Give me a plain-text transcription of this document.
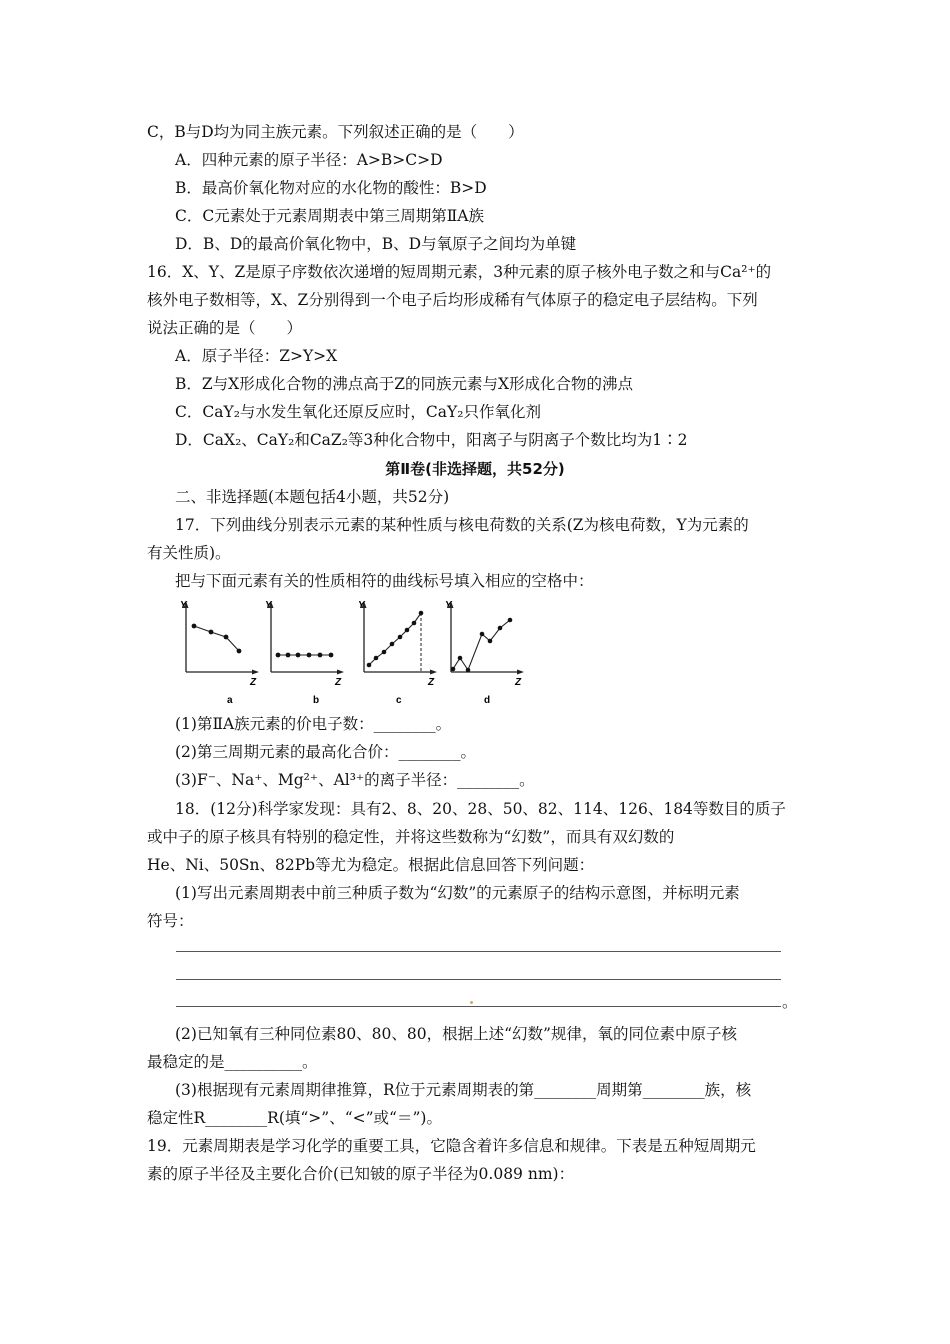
C，B与D均为同主族元素。下列叙述正确的是（　　）
A．四种元素的原子半径：A>B>C>D
B．最高价氧化物对应的水化物的酸性：B>D
C．C元素处于元素周期表中第三周期第ⅡA族
D．B、D的最高价氧化物中，B、D与氧原子之间均为单键
16．X、Y、Z是原子序数依次递增的短周期元素，3种元素的原子核外电子数之和与Ca²⁺的
核外电子数相等，X、Z分别得到一个电子后均形成稀有气体原子的稳定电子层结构。下列
说法正确的是（　　）
A．原子半径：Z>Y>X
B．Z与X形成化合物的沸点高于Z的同族元素与X形成化合物的沸点
C．CaY₂与水发生氧化还原反应时，CaY₂只作氧化剂
D．CaX₂、CaY₂和CaZ₂等3种化合物中，阳离子与阴离子个数比均为1∶2
第Ⅱ卷(非选择题，共52分)
二、非选择题(本题包括4小题，共52分)
17．下列曲线分别表示元素的某种性质与核电荷数的关系(Z为核电荷数，Y为元素的
有关性质)。
把与下面元素有关的性质相符的曲线标号填入相应的空格中：
Y
Z
a
Y
Z
b
Y
Z
c
Y
Z
d
(1)第ⅡA族元素的价电子数：________。
(2)第三周期元素的最高化合价：________。
(3)F⁻、Na⁺、Mg²⁺、Al³⁺的离子半径：________。
18．(12分)科学家发现：具有2、8、20、28、50、82、114、126、184等数目的质子
或中子的原子核具有特别的稳定性，并将这些数称为“幻数”，而具有双幻数的
He、Ni、50Sn、82Pb等尤为稳定。根据此信息回答下列问题：
(1)写出元素周期表中前三种质子数为“幻数”的元素原子的结构示意图，并标明元素
符号：
。
(2)已知氧有三种同位素80、80、80，根据上述“幻数”规律，氧的同位素中原子核
最稳定的是__________。
(3)根据现有元素周期律推算，R位于元素周期表的第________周期第________族，核
稳定性R________R(填“>”、“<”或“＝”)。
19．元素周期表是学习化学的重要工具，它隐含着许多信息和规律。下表是五种短周期元
素的原子半径及主要化合价(已知铍的原子半径为0.089 nm)：
